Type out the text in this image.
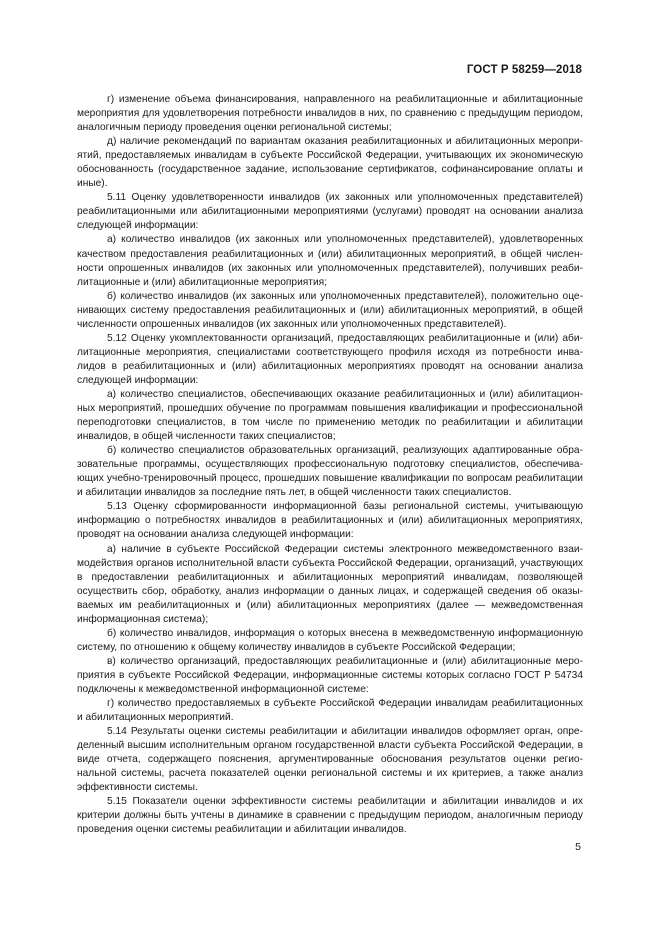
ГОСТ Р 58259—2018

г) изменение объема финансирования, направленного на реабилитационные и абилитационные мероприятия для удовлетворения потребности инвалидов в них, по сравнению с предыдущим периодом, аналогичным периоду проведения оценки региональной системы;

д) наличие рекомендаций по вариантам оказания реабилитационных и абилитационных мероприятий, предоставляемых инвалидам в субъекте Российской Федерации, учитывающих их экономическую обоснованность (государственное задание, использование сертификатов, софинансирование оплаты и иные).

5.11 Оценку удовлетворенности инвалидов (их законных или уполномоченных представителей) реабилитационными или абилитационными мероприятиями (услугами) проводят на основании анализа следующей информации:

а) количество инвалидов (их законных или уполномоченных представителей), удовлетворенных качеством предоставления реабилитационных и (или) абилитационных мероприятий, в общей численности опрошенных инвалидов (их законных или уполномоченных представителей), получивших реабилитационные и (или) абилитационные мероприятия;

б) количество инвалидов (их законных или уполномоченных представителей), положительно оценивающих систему предоставления реабилитационных и (или) абилитационных мероприятий, в общей численности опрошенных инвалидов (их законных или уполномоченных представителей).

5.12 Оценку укомплектованности организаций, предоставляющих реабилитационные и (или) абилитационные мероприятия, специалистами соответствующего профиля исходя из потребности инвалидов в реабилитационных и (или) абилитационных мероприятиях проводят на основании анализа следующей информации:

а) количество специалистов, обеспечивающих оказание реабилитационных и (или) абилитационных мероприятий, прошедших обучение по программам повышения квалификации и профессиональной переподготовки специалистов, в том числе по применению методик по реабилитации и абилитации инвалидов, в общей численности таких специалистов;

б) количество специалистов образовательных организаций, реализующих адаптированные образовательные программы, осуществляющих профессиональную подготовку специалистов, обеспечивающих учебно-тренировочный процесс, прошедших повышение квалификации по вопросам реабилитации и абилитации инвалидов за последние пять лет, в общей численности таких специалистов.

5.13 Оценку сформированности информационной базы региональной системы, учитывающую информацию о потребностях инвалидов в реабилитационных и (или) абилитационных мероприятиях, проводят на основании анализа следующей информации:

а) наличие в субъекте Российской Федерации системы электронного межведомственного взаимодействия органов исполнительной власти субъекта Российской Федерации, организаций, участвующих в предоставлении реабилитационных и абилитационных мероприятий инвалидам, позволяющей осуществить сбор, обработку, анализ информации о данных лицах, и содержащей сведения об оказываемых им реабилитационных и (или) абилитационных мероприятиях (далее — межведомственная информационная система);

б) количество инвалидов, информация о которых внесена в межведомственную информационную систему, по отношению к общему количеству инвалидов в субъекте Российской Федерации;

в) количество организаций, предоставляющих реабилитационные и (или) абилитационные мероприятия в субъекте Российской Федерации, информационные системы которых согласно ГОСТ Р 54734 подключены к межведомственной информационной системе:

г) количество предоставляемых в субъекте Российской Федерации инвалидам реабилитационных и абилитационных мероприятий.

5.14 Результаты оценки системы реабилитации и абилитации инвалидов оформляет орган, определенный высшим исполнительным органом государственной власти субъекта Российской Федерации, в виде отчета, содержащего пояснения, аргументированные обоснования результатов оценки региональной системы, расчета показателей оценки региональной системы и их критериев, а также анализ эффективности системы.

5.15 Показатели оценки эффективности системы реабилитации и абилитации инвалидов и их критерии должны быть учтены в динамике в сравнении с предыдущим периодом, аналогичным периоду проведения оценки системы реабилитации и абилитации инвалидов.

5
